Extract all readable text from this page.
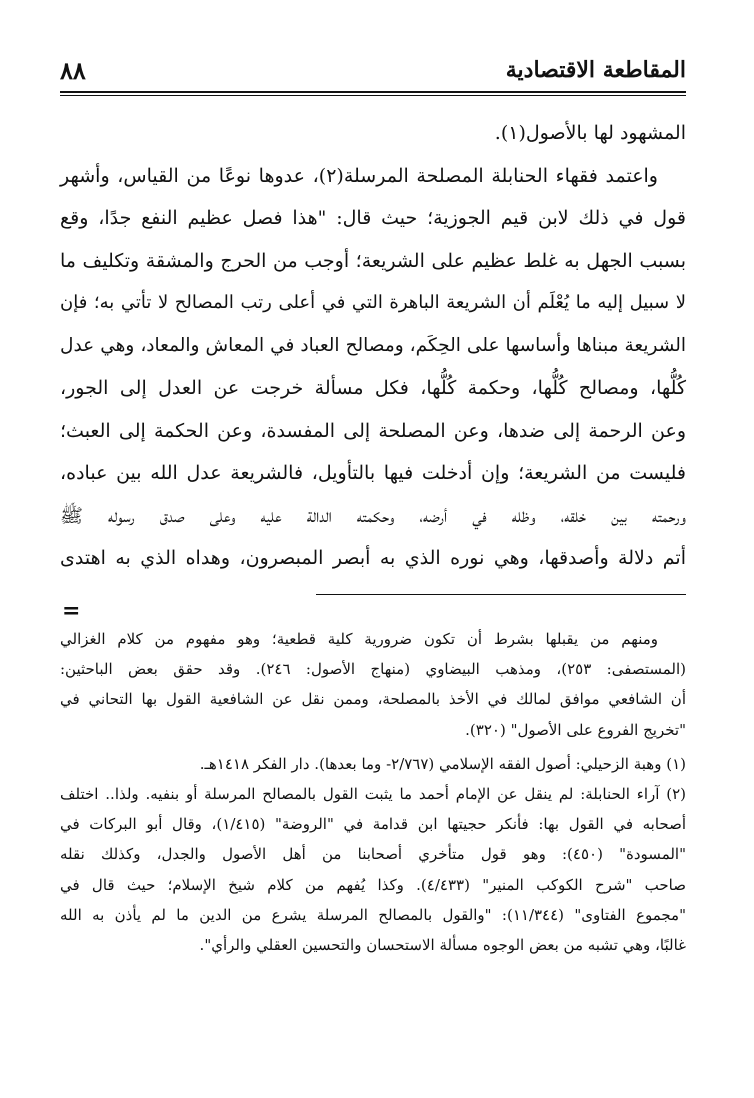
المقاطعة الاقتصادية
٨٨
المشهود لها بالأصول(١).
واعتمد فقهاء الحنابلة المصلحة المرسلة(٢)، عدوها نوعًا من القياس، وأشهر
قول في ذلك لابن قيم الجوزية؛ حيث قال: "هذا فصل عظيم النفع جدًا، وقع
بسبب الجهل به غلط عظيم على الشريعة؛ أوجب من الحرج والمشقة وتكليف ما
لا سبيل إليه ما يُعْلَم أن الشريعة الباهرة التي في أعلى رتب المصالح لا تأتي به؛ فإن
الشريعة مبناها وأساسها على الحِكَم، ومصالح العباد في المعاش والمعاد، وهي عدل
كُلُّها، ومصالح كُلُّها، وحكمة كُلُّها، فكل مسألة خرجت عن العدل إلى الجور،
وعن الرحمة إلى ضدها، وعن المصلحة إلى المفسدة، وعن الحكمة إلى العبث؛
فليست من الشريعة؛ وإن أدخلت فيها بالتأويل، فالشريعة عدل الله بين عباده،
ورحمته بين خلقه، وظله في أرضه، وحكمته الدالة عليه وعلى صدق رسوله ﷺ
أتم دلالة وأصدقها، وهي نوره الذي به أبصر المبصرون، وهداه الذي به اهتدى
=
ومنهم من يقبلها بشرط أن تكون ضرورية كلية قطعية؛ وهو مفهوم من كلام الغزالي
(المستصفى: ٢٥٣)، ومذهب البيضاوي (منهاج الأصول: ٢٤٦). وقد حقق بعض الباحثين:
أن الشافعي موافق لمالك في الأخذ بالمصلحة، وممن نقل عن الشافعية القول بها التحاني في
"تخريج الفروع على الأصول" (٣٢٠).
(١) وهبة الزحيلي: أصول الفقه الإسلامي (٢/٧٦٧- وما بعدها). دار الفكر ١٤١٨هـ.
(٢) آراء الحنابلة: لم ينقل عن الإمام أحمد ما يثبت القول بالمصالح المرسلة أو بنفيه. ولذا.. اختلف
أصحابه في القول بها: فأنكر حجيتها ابن قدامة في "الروضة" (١/٤١٥)، وقال أبو البركات في
"المسودة" (٤٥٠): وهو قول متأخري أصحابنا من أهل الأصول والجدل، وكذلك نقله
صاحب "شرح الكوكب المنير" (٤/٤٣٣). وكذا يُفهم من كلام شيخ الإسلام؛ حيث قال في
"مجموع الفتاوى" (١١/٣٤٤): "والقول بالمصالح المرسلة يشرع من الدين ما لم يأذن به الله
غالبًا، وهي تشبه من بعض الوجوه مسألة الاستحسان والتحسين العقلي والرأي".
